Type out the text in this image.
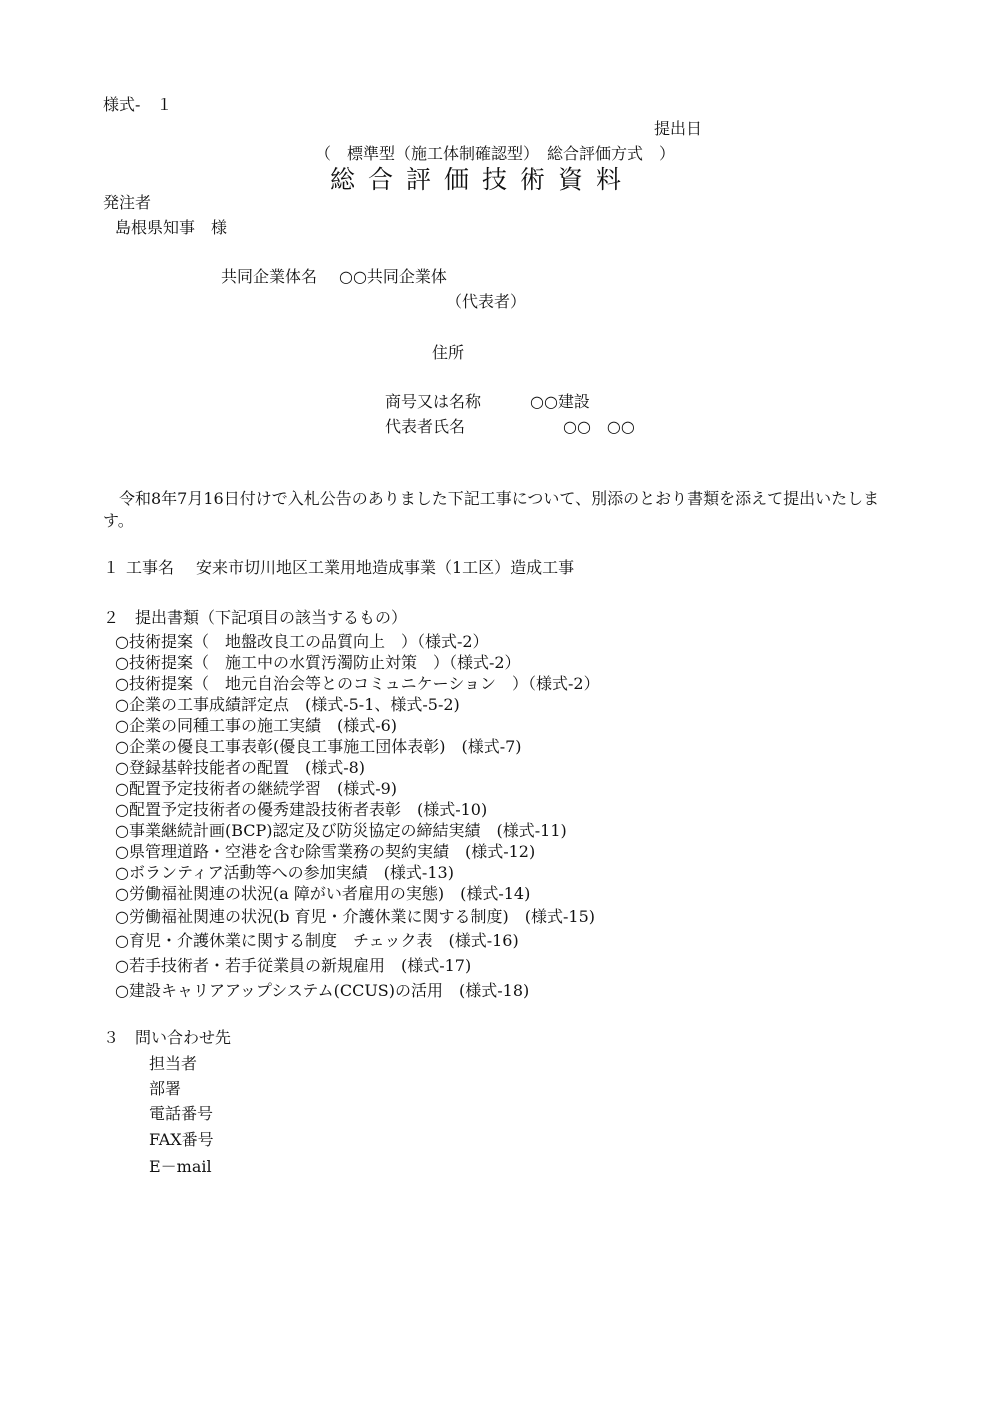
様式‐　１
提出日
（　標準型（施工体制確認型）　総合評価方式　）
総合評価技術資料
発注者
島根県知事　様
共同企業体名 ○○共同企業体
（代表者）
住所
商号又は名称	○○建設
代表者氏名	○○　○○
令和8年7月16日付けで入札公告のありました下記工事について、別添のとおり書類を添えて提出いたします。
１ 工事名 安来市切川地区工業用地造成事業（1工区）造成工事
２　提出書類（下記項目の該当するもの）
○技術提案（　地盤改良工の品質向上　）（様式-2）
○技術提案（　施工中の水質汚濁防止対策　）（様式-2）
○技術提案（　地元自治会等とのコミュニケーション　）（様式-2）
○企業の工事成績評定点　(様式-5-1、様式-5-2)
○企業の同種工事の施工実績　(様式-6)
○企業の優良工事表彰(優良工事施工団体表彰)　(様式-7)
○登録基幹技能者の配置　(様式-8)
○配置予定技術者の継続学習　(様式-9)
○配置予定技術者の優秀建設技術者表彰　(様式-10)
○事業継続計画(BCP)認定及び防災協定の締結実績　(様式-11)
○県管理道路・空港を含む除雪業務の契約実績　(様式-12)
○ボランティア活動等への参加実績　(様式-13)
○労働福祉関連の状況(a 障がい者雇用の実態)　(様式-14)
○労働福祉関連の状況(b 育児・介護休業に関する制度)　(様式-15)
○育児・介護休業に関する制度　チェック表　(様式-16)
○若手技術者・若手従業員の新規雇用　(様式-17)
○建設キャリアアップシステム(CCUS)の活用　(様式-18)
３　問い合わせ先
担当者
部署
電話番号
FAX番号
E－mail
